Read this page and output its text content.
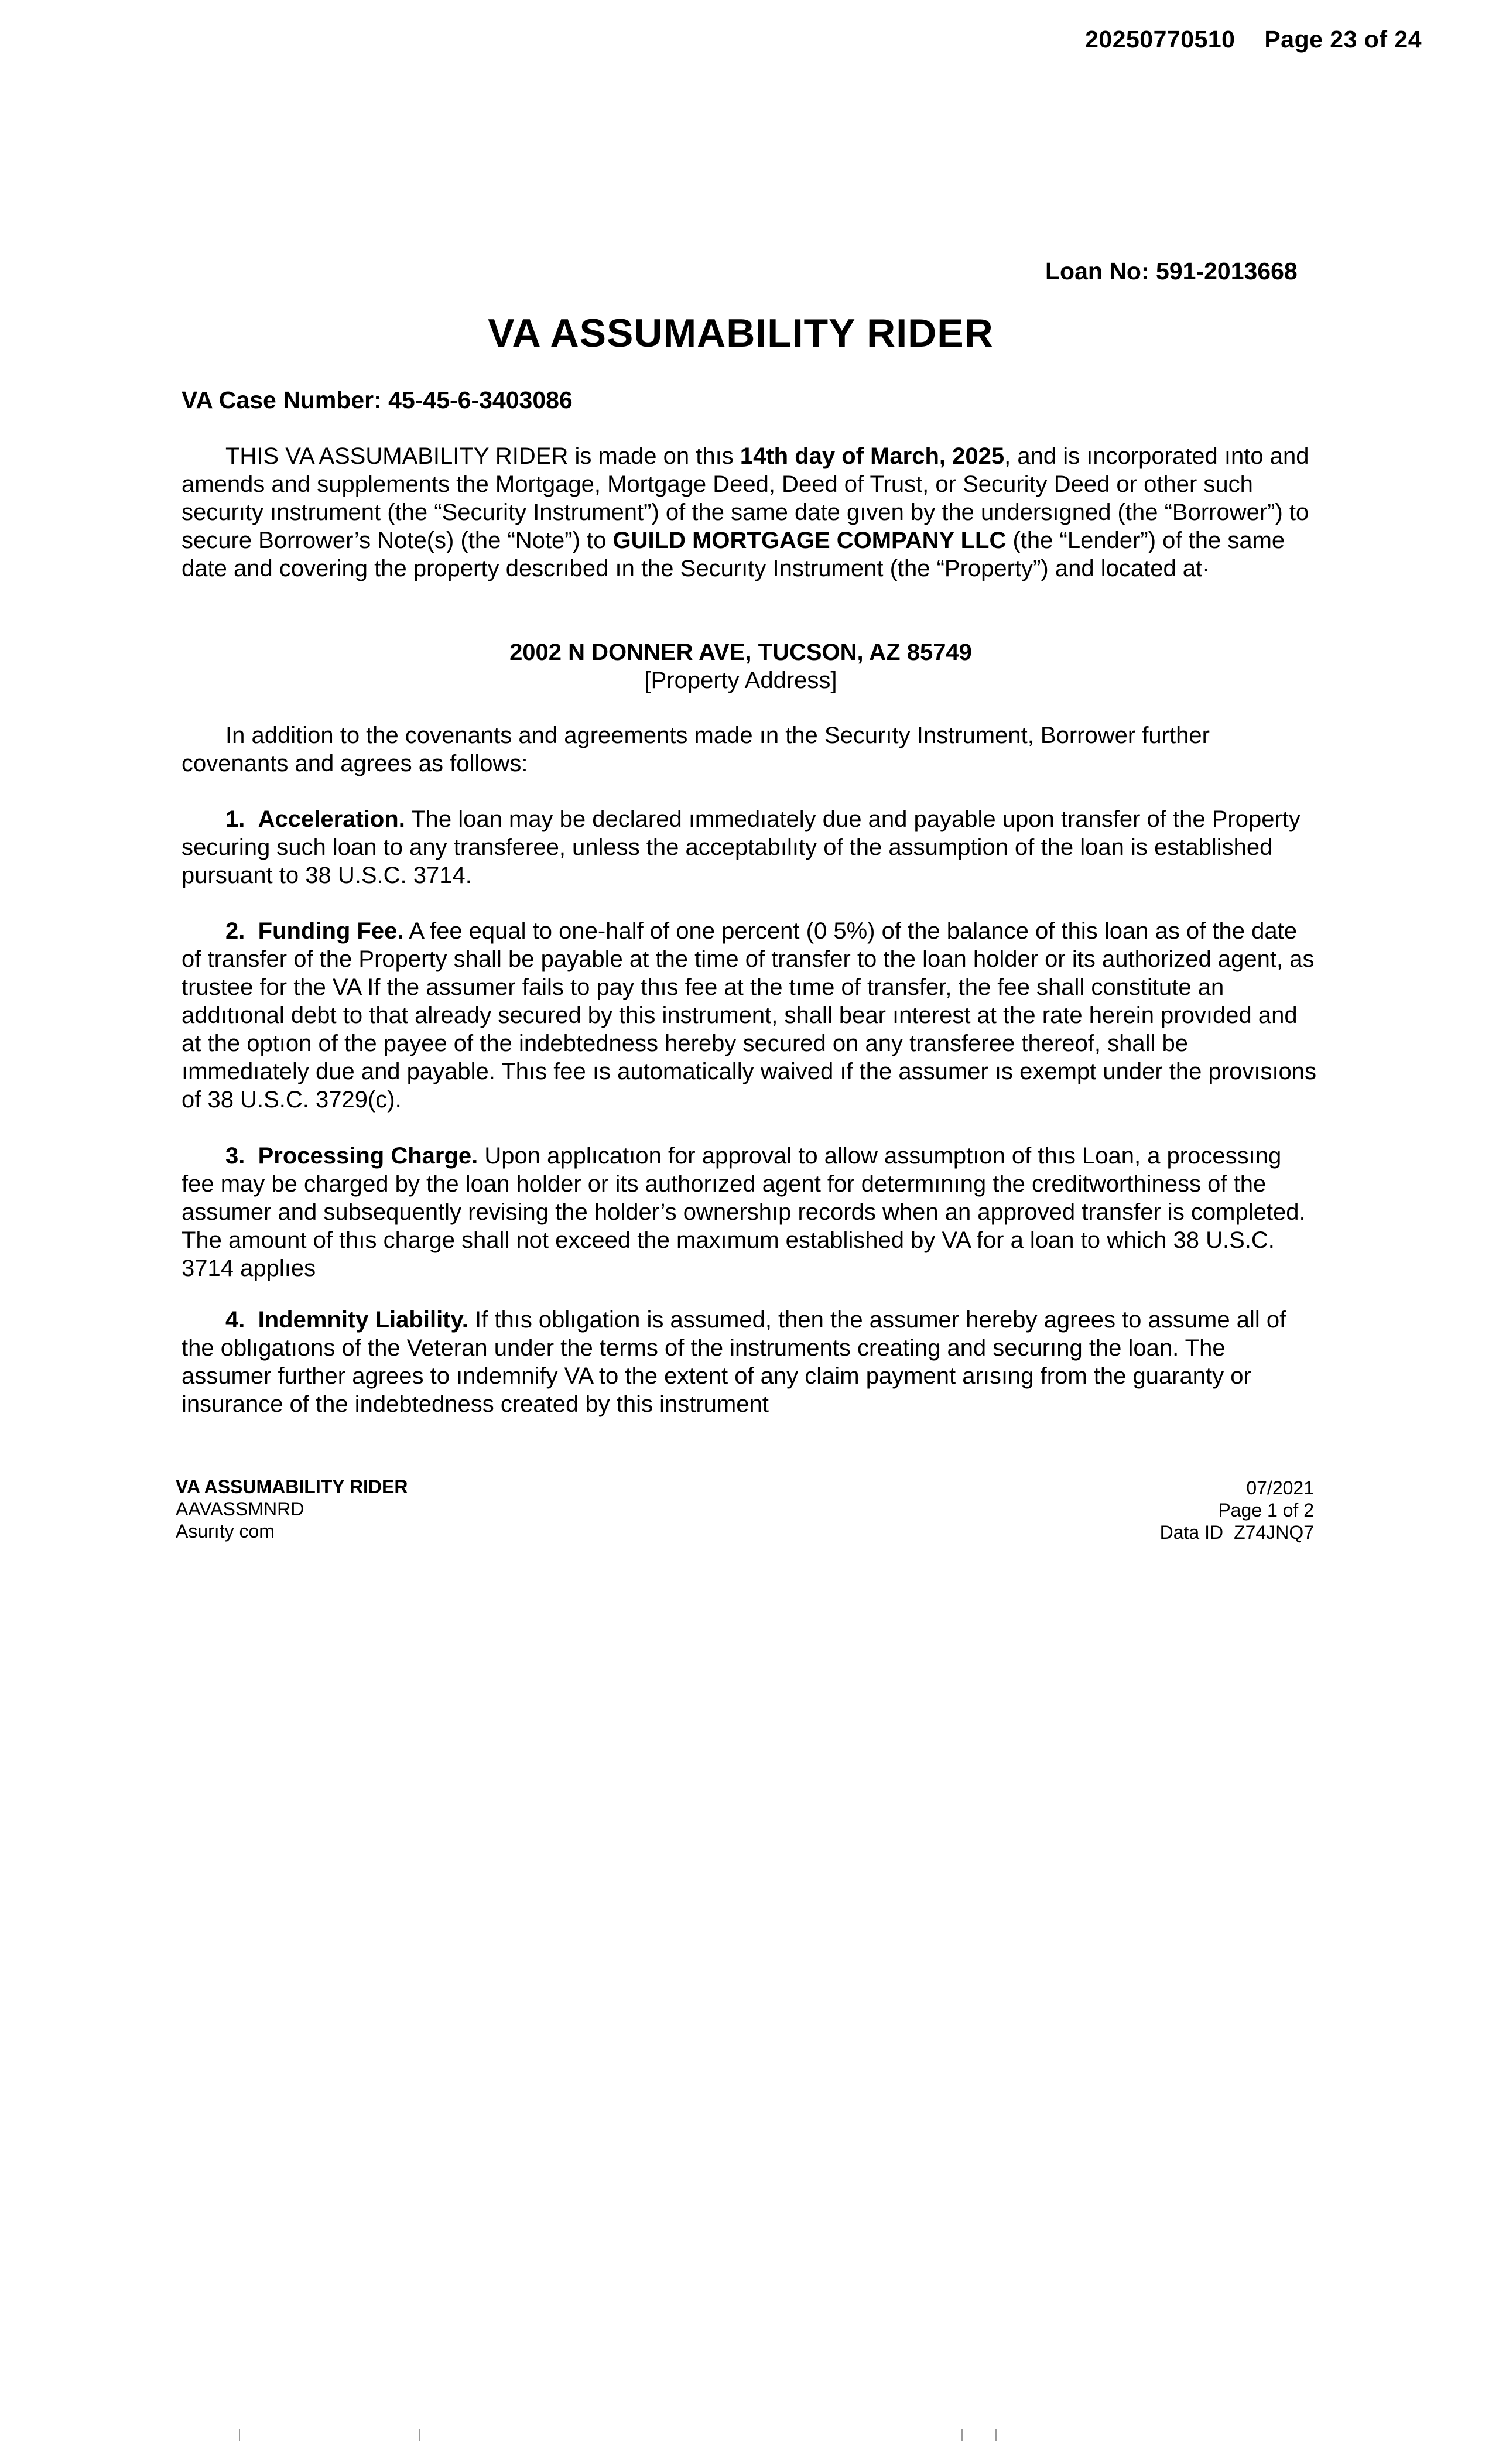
20250770510 Page 23 of 24
Loan No: 591-2013668
VA ASSUMABILITY RIDER
VA Case Number: 45-45-6-3403086

THIS VA ASSUMABILITY RIDER is made on thıs 14th day of March, 2025, and is ıncorporated ınto and amends and supplements the Mortgage, Mortgage Deed, Deed of Trust, or Security Deed or other such securıty ınstrument (the “Security Instrument”) of the same date gıven by the undersıgned (the “Borrower”) to secure Borrower’s Note(s) (the “Note”) to GUILD MORTGAGE COMPANY LLC (the “Lender”) of the same date and covering the property descrıbed ın the Securıty Instrument (the “Property”) and located at·

2002 N DONNER AVE, TUCSON, AZ 85749
[Property Address]

In addition to the covenants and agreements made ın the Securıty Instrument, Borrower further covenants and agrees as follows:

1. Acceleration. The loan may be declared ımmedıately due and payable upon transfer of the Property securing such loan to any transferee, unless the acceptabılıty of the assumption of the loan is established pursuant to 38 U.S.C. 3714.

2. Funding Fee. A fee equal to one-half of one percent (0 5%) of the balance of this loan as of the date of transfer of the Property shall be payable at the time of transfer to the loan holder or its authorized agent, as trustee for the VA If the assumer fails to pay thıs fee at the tıme of transfer, the fee shall constitute an addıtıonal debt to that already secured by this instrument, shall bear ınterest at the rate herein provıded and at the optıon of the payee of the indebtedness hereby secured on any transferee thereof, shall be ımmedıately due and payable. Thıs fee ıs automatically waived ıf the assumer ıs exempt under the provısıons of 38 U.S.C. 3729(c).

3. Processing Charge. Upon applıcatıon for approval to allow assumptıon of thıs Loan, a processıng fee may be charged by the loan holder or its authorızed agent for determınıng the creditworthiness of the assumer and subsequently revising the holder’s ownershıp records when an approved transfer is completed. The amount of thıs charge shall not exceed the maxımum established by VA for a loan to which 38 U.S.C. 3714 applıes

4. Indemnity Liability. If thıs oblıgation is assumed, then the assumer hereby agrees to assume all of the oblıgatıons of the Veteran under the terms of the instruments creating and securıng the loan. The assumer further agrees to ındemnify VA to the extent of any claim payment arısıng from the guaranty or insurance of the indebtedness created by this instrument

VA ASSUMABILITY RIDER
AAVASSMNRD
Asurıty com
07/2021
Page 1 of 2
Data ID Z74JNQ7
